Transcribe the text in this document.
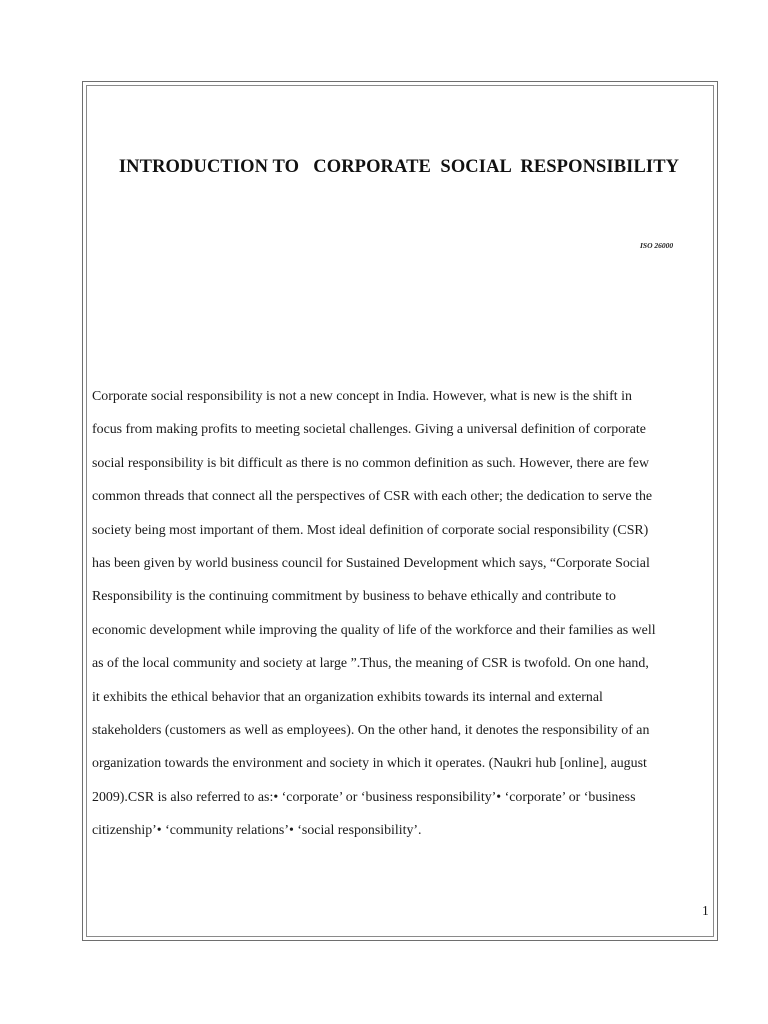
INTRODUCTION TO   CORPORATE  SOCIAL  RESPONSIBILITY
ISO 26000
Corporate social responsibility is not a new concept in India. However, what is new is the shift in
focus from making profits to meeting societal challenges. Giving a universal definition of corporate
social responsibility is bit difficult as there is no common definition as such. However, there are few
common threads that connect all the perspectives of CSR with each other; the dedication to serve the
society being most important of them. Most ideal definition of corporate social responsibility (CSR)
has been given by world business council for Sustained Development which says, “Corporate Social
Responsibility is the continuing commitment by business to behave ethically and contribute to
economic development while improving the quality of life of the workforce and their families as well
as of the local community and society at large ”.Thus, the meaning of CSR is twofold. On one hand,
it exhibits the ethical behavior that an organization exhibits towards its internal and external
stakeholders (customers as well as employees). On the other hand, it denotes the responsibility of an
organization towards the environment and society in which it operates. (Naukri hub [online], august
2009).CSR is also referred to as:• ‘corporate’ or ‘business responsibility’• ‘corporate’ or ‘business
citizenship’• ‘community relations’• ‘social responsibility’.
1
